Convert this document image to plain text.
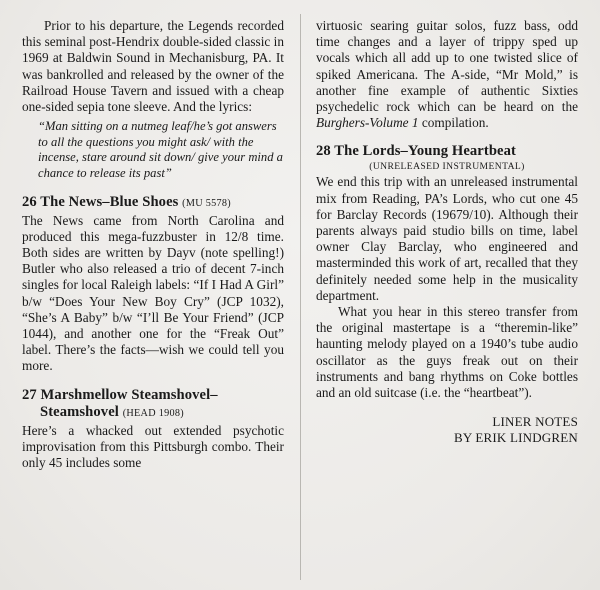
Prior to his departure, the Legends recorded this seminal post-Hendrix double-sided classic in 1969 at Baldwin Sound in Mechanisburg, PA. It was bankrolled and released by the owner of the Railroad House Tavern and issued with a cheap one-sided sepia tone sleeve. And the lyrics:

“Man sitting on a nutmeg leaf/he’s got answers to all the questions you might ask/ with the incense, stare around sit down/ give your mind a chance to release its past”

26 The News–Blue Shoes (MU 5578)

The News came from North Carolina and produced this mega-fuzzbuster in 12/8 time. Both sides are written by Dayv (note spelling!) Butler who also released a trio of decent 7-inch singles for local Raleigh labels: “If I Had A Girl” b/w “Does Your New Boy Cry” (JCP 1032), “She’s A Baby” b/w “I’ll Be Your Friend” (JCP 1044), and another one for the “Freak Out” label. There’s the facts—wish we could tell you more.

27 Marshmellow Steamshovel–
Steamshovel (HEAD 1908)

Here’s a whacked out extended psychotic improvisation from this Pittsburgh combo. Their only 45 includes some

virtuosic searing guitar solos, fuzz bass, odd time changes and a layer of trippy sped up vocals which all add up to one twisted slice of spiked Americana. The A-side, “Mr Mold,” is another fine example of authentic Sixties psychedelic rock which can be heard on the Burghers-Volume 1 compilation.

28 The Lords–Young Heartbeat
(UNRELEASED INSTRUMENTAL)

We end this trip with an unreleased instrumental mix from Reading, PA’s Lords, who cut one 45 for Barclay Records (19679/10). Although their parents always paid studio bills on time, label owner Clay Barclay, who engineered and masterminded this work of art, recalled that they definitely needed some help in the musicality department.

What you hear in this stereo transfer from the original mastertape is a “theremin-like” haunting melody played on a 1940’s tube audio oscillator as the guys freak out on their instruments and bang rhythms on Coke bottles and an old suitcase (i.e. the “heartbeat”).

LINER NOTES
BY ERIK LINDGREN
